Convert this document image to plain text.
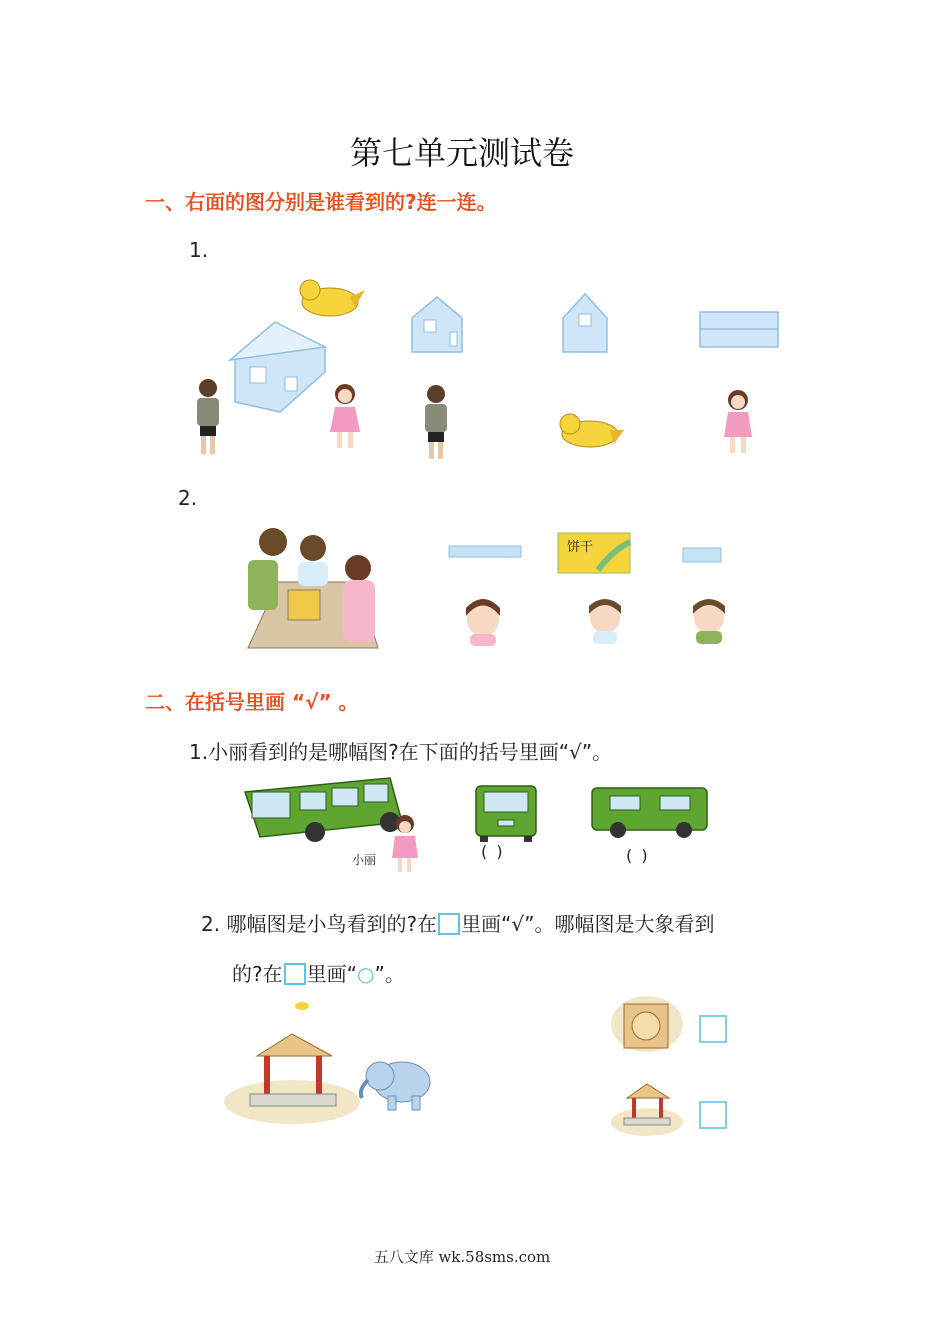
第七单元测试卷
一、右面的图分别是谁看到的?连一连。
1.
2.
饼干
二、在括号里画 “√” 。
1.小丽看到的是哪幅图?在下面的括号里画“√”。
小丽	( )	( )
2. 哪幅图是小鸟看到的?在 里画“√”。哪幅图是大象看到
的?在 里画“○”。
五八文库 wk.58sms.com
